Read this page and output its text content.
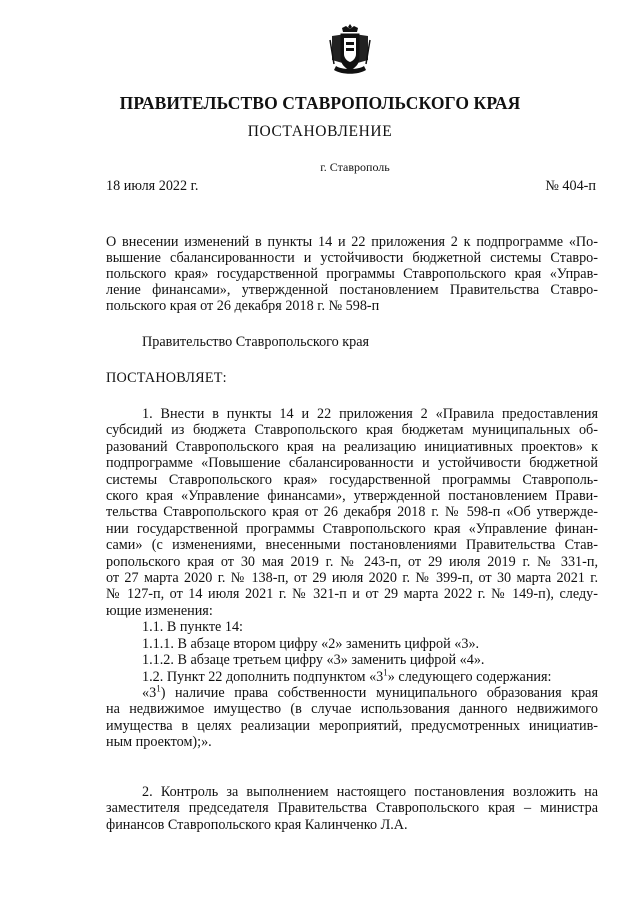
ПРАВИТЕЛЬСТВО СТАВРОПОЛЬСКОГО КРАЯ
ПОСТАНОВЛЕНИЕ
г. Ставрополь
18 июля 2022 г.	№ 404-п
О внесении изменений в пункты 14 и 22 приложения 2 к подпрограмме «По-
вышение сбалансированности и устойчивости бюджетной системы Ставро-
польского края» государственной программы Ставропольского края «Управ-
ление финансами», утвержденной постановлением Правительства Ставро-
польского края от 26 декабря 2018 г. № 598-п
Правительство Ставропольского края
ПОСТАНОВЛЯЕТ:
1. Внести в пункты 14 и 22 приложения 2 «Правила предоставления
субсидий из бюджета Ставропольского края бюджетам муниципальных об-
разований Ставропольского края на реализацию инициативных проектов» к
подпрограмме «Повышение сбалансированности и устойчивости бюджетной
системы Ставропольского края» государственной программы Ставрополь-
ского края «Управление финансами», утвержденной постановлением Прави-
тельства Ставропольского края от 26 декабря 2018 г. № 598-п «Об утвержде-
нии государственной программы Ставропольского края «Управление финан-
сами» (с изменениями, внесенными постановлениями Правительства Став-
ропольского края от 30 мая 2019 г. № 243-п, от 29 июля 2019 г. № 331-п,
от 27 марта 2020 г. № 138-п, от 29 июля 2020 г. № 399-п, от 30 марта 2021 г.
№ 127-п, от 14 июля 2021 г. № 321-п и от 29 марта 2022 г. № 149-п), следу-
ющие изменения:
1.1. В пункте 14:
1.1.1. В абзаце втором цифру «2» заменить цифрой «3».
1.1.2. В абзаце третьем цифру «3» заменить цифрой «4».
1.2. Пункт 22 дополнить подпунктом «$3^1$» следующего содержания:
«$3^1$) наличие права собственности муниципального образования края
на недвижимое имущество (в случае использования данного недвижимого
имущества в целях реализации мероприятий, предусмотренных инициатив-
ным проектом);».
2. Контроль за выполнением настоящего постановления возложить на
заместителя председателя Правительства Ставропольского края – министра
финансов Ставропольского края Калинченко Л.А.
